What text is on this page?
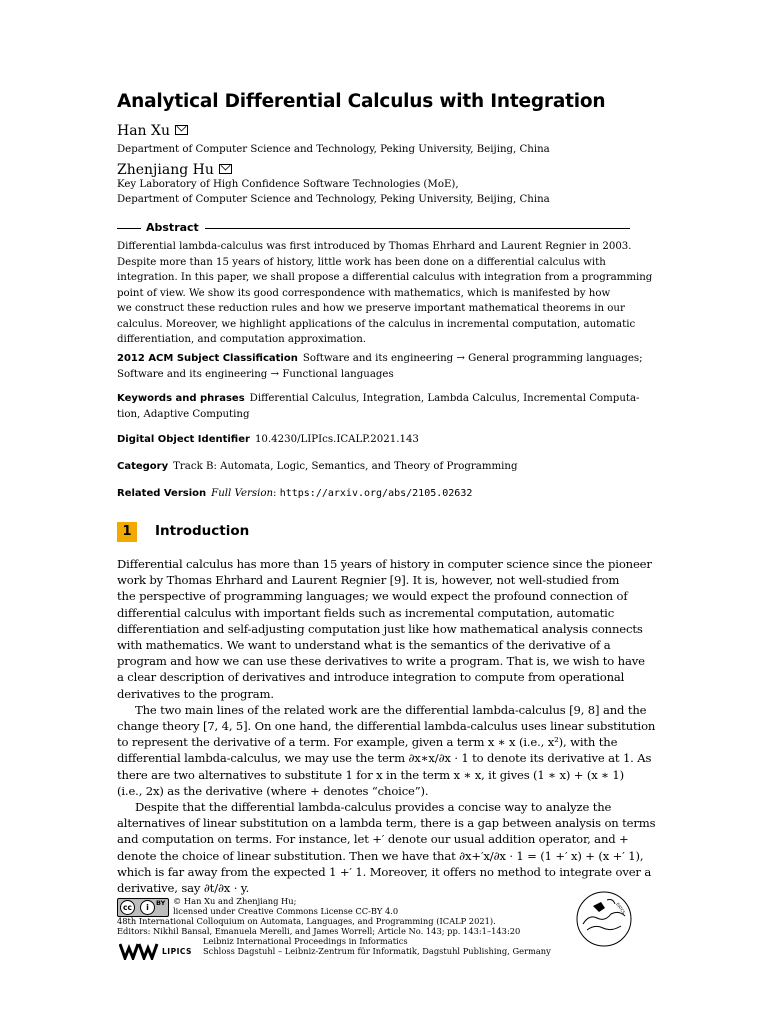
Analytical Differential Calculus with Integration
Han Xu
Department of Computer Science and Technology, Peking University, Beijing, China
Zhenjiang Hu
Key Laboratory of High Confidence Software Technologies (MoE),
Department of Computer Science and Technology, Peking University, Beijing, China
Abstract
Differential lambda-calculus was first introduced by Thomas Ehrhard and Laurent Regnier in 2003.
Despite more than 15 years of history, little work has been done on a differential calculus with
integration. In this paper, we shall propose a differential calculus with integration from a programming
point of view. We show its good correspondence with mathematics, which is manifested by how
we construct these reduction rules and how we preserve important mathematical theorems in our
calculus. Moreover, we highlight applications of the calculus in incremental computation, automatic
differentiation, and computation approximation.
2012 ACM Subject Classification Software and its engineering → General programming languages;
Software and its engineering → Functional languages
Keywords and phrases Differential Calculus, Integration, Lambda Calculus, Incremental Computa-
tion, Adaptive Computing
Digital Object Identifier 10.4230/LIPIcs.ICALP.2021.143
Category Track B: Automata, Logic, Semantics, and Theory of Programming
Related Version Full Version: https://arxiv.org/abs/2105.02632
1	Introduction
Differential calculus has more than 15 years of history in computer science since the pioneer
work by Thomas Ehrhard and Laurent Regnier [9]. It is, however, not well-studied from
the perspective of programming languages; we would expect the profound connection of
differential calculus with important fields such as incremental computation, automatic
differentiation and self-adjusting computation just like how mathematical analysis connects
with mathematics. We want to understand what is the semantics of the derivative of a
program and how we can use these derivatives to write a program. That is, we wish to have
a clear description of derivatives and introduce integration to compute from operational
derivatives to the program.
The two main lines of the related work are the differential lambda-calculus [9, 8] and the
change theory [7, 4, 5]. On one hand, the differential lambda-calculus uses linear substitution
to represent the derivative of a term. For example, given a term x ∗ x (i.e., x²), with the
differential lambda-calculus, we may use the term ∂x∗x/∂x · 1 to denote its derivative at 1. As
there are two alternatives to substitute 1 for x in the term x ∗ x, it gives (1 ∗ x) + (x ∗ 1)
(i.e., 2x) as the derivative (where + denotes “choice”).
Despite that the differential lambda-calculus provides a concise way to analyze the
alternatives of linear substitution on a lambda term, there is a gap between analysis on terms
and computation on terms. For instance, let +′ denote our usual addition operator, and +
denote the choice of linear substitution. Then we have that ∂x+′x/∂x · 1 = (1 +′ x) + (x +′ 1),
which is far away from the expected 1 +′ 1. Moreover, it offers no method to integrate over a
derivative, say ∂t/∂x · y.
cc	i	BY © Han Xu and Zhenjiang Hu;
licensed under Creative Commons License CC-BY 4.0
48th International Colloquium on Automata, Languages, and Programming (ICALP 2021).
Editors: Nikhil Bansal, Emanuela Merelli, and James Worrell; Article No. 143; pp. 143:1–143:20
Leibniz International Proceedings in Informatics
Schloss Dagstuhl – Leibniz-Zentrum für Informatik, Dagstuhl Publishing, Germany
LIPICS
EATCS
